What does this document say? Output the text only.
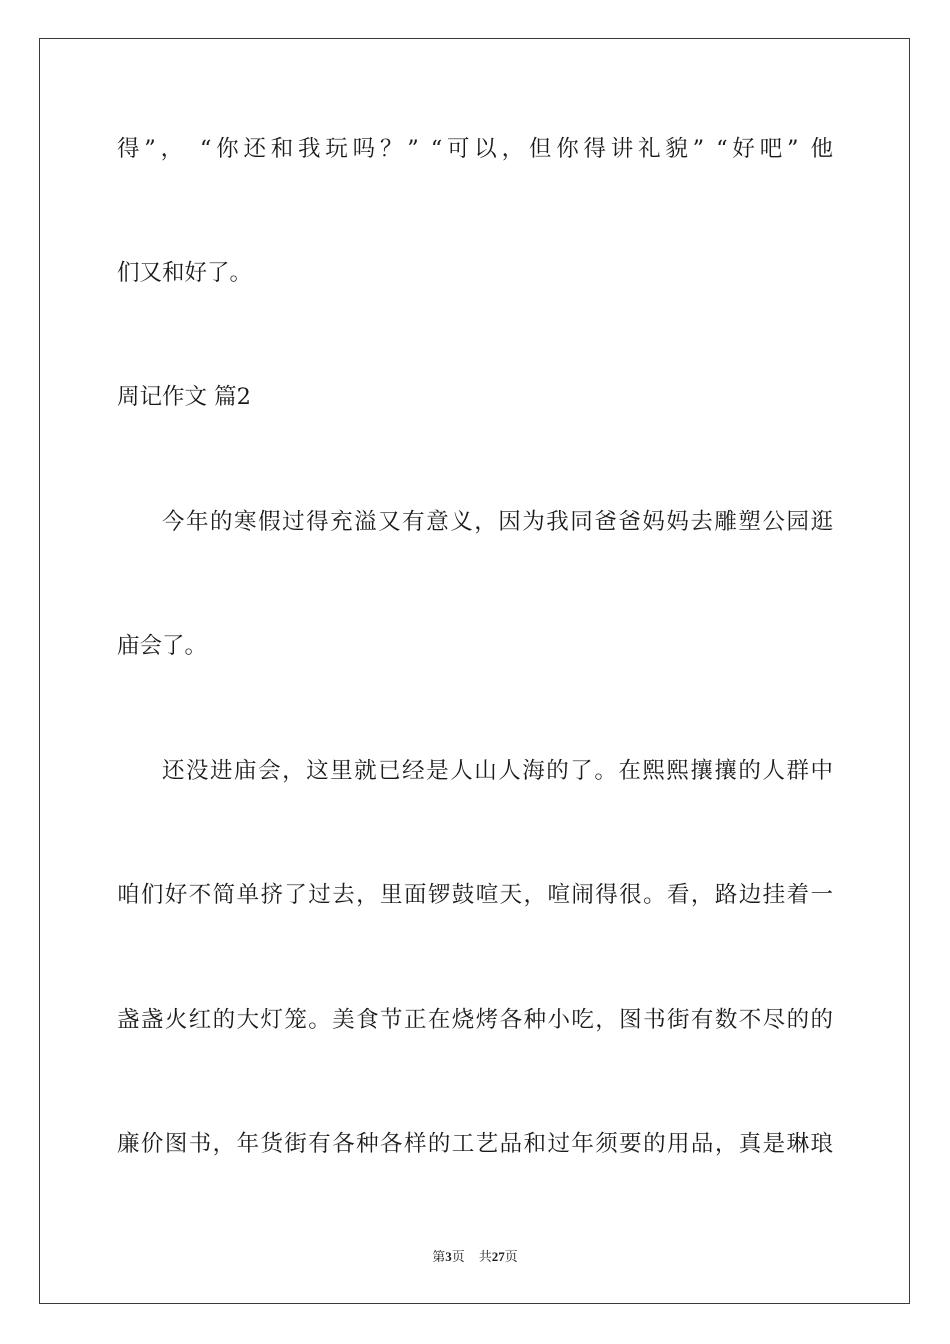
得”， “你还和我玩吗？” “可以，但你得讲礼貌” “好吧” 他
们又和好了。
周记作文 篇2
今年的寒假过得充溢又有意义，因为我同爸爸妈妈去雕塑公园逛
庙会了。
还没进庙会，这里就已经是人山人海的了。在熙熙攘攘的人群中
咱们好不简单挤了过去，里面锣鼓喧天，喧闹得很。看，路边挂着一
盏盏火红的大灯笼。美食节正在烧烤各种小吃，图书街有数不尽的的
廉价图书，年货街有各种各样的工艺品和过年须要的用品，真是琳琅
第3页 共27页
